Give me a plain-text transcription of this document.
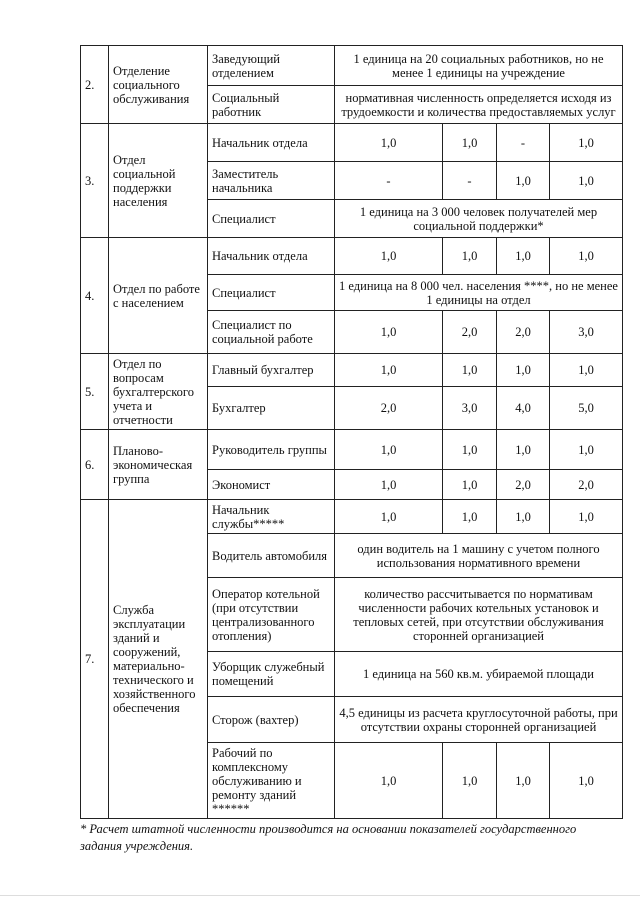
2.	Отделение социального обслуживания	Заведующий отделением	1 единица на 20 социальных работников, но не менее 1 единицы на учреждение			
		Социальный работник	нормативная численность определяется исходя из трудоемкости и количества предоставляемых услуг			
3.	Отдел социальной поддержки населения	Начальник отдела	1,0	1,0	-	1,0
		Заместитель начальника	-	-	1,0	1,0
		Специалист	1 единица на 3 000 человек получателей мер социальной поддержки*			
4.	Отдел по работе с населением	Начальник отдела	1,0	1,0	1,0	1,0
		Специалист	1 единица на 8 000 чел. населения ****, но не менее 1 единицы на отдел			
		Специалист по социальной работе	1,0	2,0	2,0	3,0
5.	Отдел по вопросам бухгалтерского учета и отчетности	Главный бухгалтер	1,0	1,0	1,0	1,0
		Бухгалтер	2,0	3,0	4,0	5,0
6.	Планово-экономическая группа	Руководитель группы	1,0	1,0	1,0	1,0
		Экономист	1,0	1,0	2,0	2,0
7.	Служба эксплуатации зданий и сооружений, материально-технического и хозяйственного обеспечения	Начальник службы*****	1,0	1,0	1,0	1,0
		Водитель автомобиля	один водитель на 1 машину с учетом полного использования нормативного времени			
		Оператор котельной (при отсутствии централизованного отопления)	количество рассчитывается по нормативам численности рабочих котельных установок и тепловых сетей, при отсутствии обслуживания сторонней организацией			
		Уборщик служебный помещений	1 единица на 560 кв.м. убираемой площади			
		Сторож (вахтер)	4,5 единицы из расчета круглосуточной работы, при отсутствии охраны сторонней организацией			
		Рабочий по комплексному обслуживанию и ремонту зданий ******	1,0	1,0	1,0	1,0

* Расчет штатной численности производится на основании показателей государственного задания учреждения.
